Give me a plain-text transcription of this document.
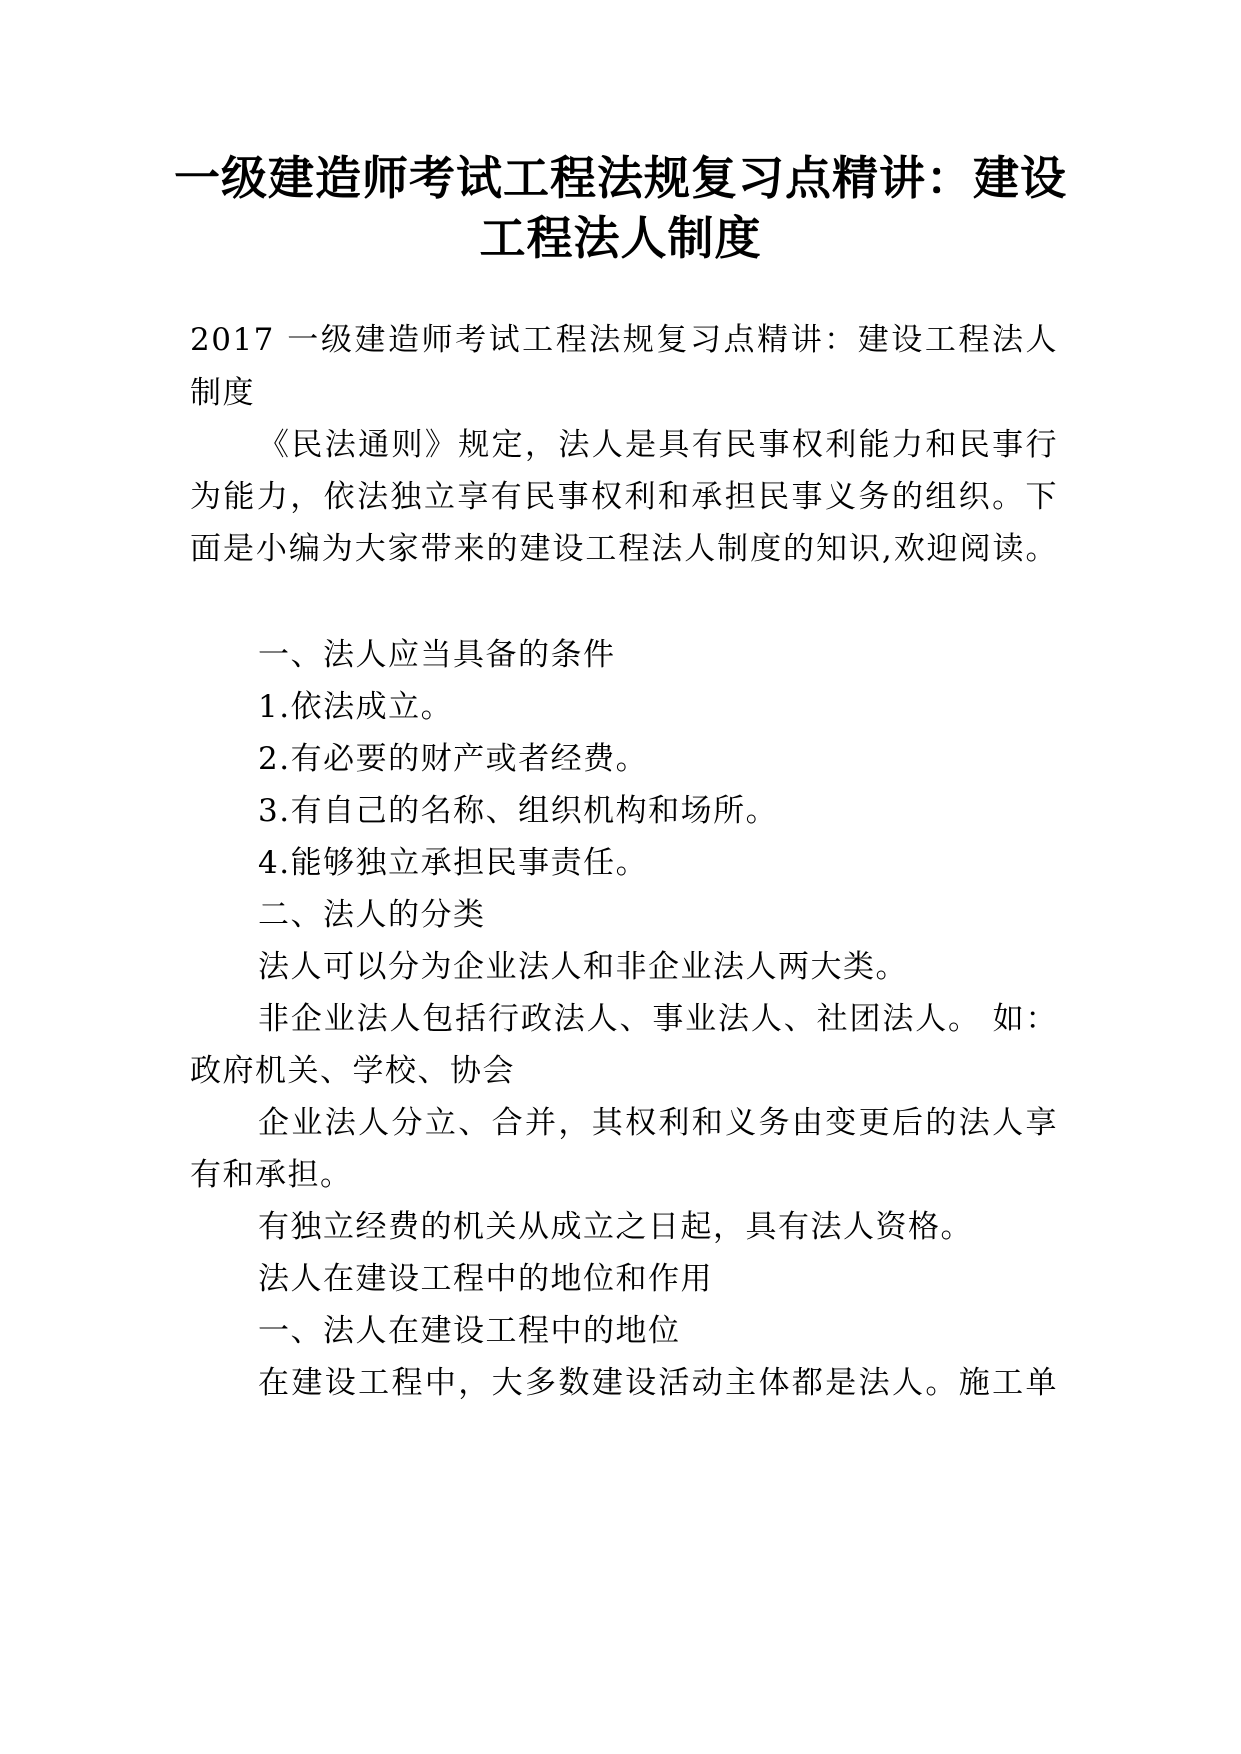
一级建造师考试工程法规复习点精讲：建设
工程法人制度
2017 一级建造师考试工程法规复习点精讲：建设工程法人
制度
《民法通则》规定，法人是具有民事权利能力和民事行
为能力，依法独立享有民事权利和承担民事义务的组织。下
面是小编为大家带来的建设工程法人制度的知识,欢迎阅读。
一、法人应当具备的条件
1.依法成立。
2.有必要的财产或者经费。
3.有自己的名称、组织机构和场所。
4.能够独立承担民事责任。
二、法人的分类
法人可以分为企业法人和非企业法人两大类。
非企业法人包括行政法人、事业法人、社团法人。 如：
政府机关、学校、协会
企业法人分立、合并，其权利和义务由变更后的法人享
有和承担。
有独立经费的机关从成立之日起，具有法人资格。
法人在建设工程中的地位和作用
一、法人在建设工程中的地位
在建设工程中，大多数建设活动主体都是法人。施工单
